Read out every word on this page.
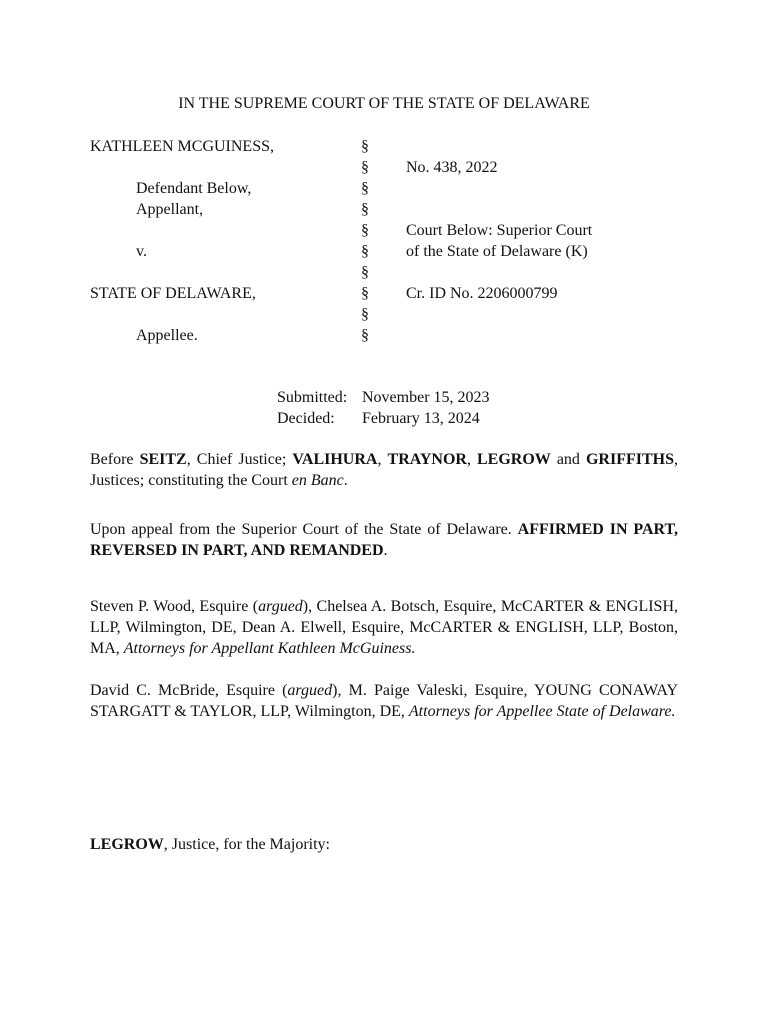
IN THE SUPREME COURT OF THE STATE OF DELAWARE
KATHLEEN MCGUINESS,
Defendant Below,
Appellant,
v.
STATE OF DELAWARE,
Appellee.
§
§
§
§
§
§
§
§
§
§
No. 438, 2022
Court Below: Superior Court
of the State of Delaware (K)
Cr. ID No. 2206000799
Submitted: November 15, 2023
Decided: February 13, 2024
Before SEITZ, Chief Justice; VALIHURA, TRAYNOR, LEGROW and GRIFFITHS, Justices; constituting the Court en Banc.
Upon appeal from the Superior Court of the State of Delaware. AFFIRMED IN PART, REVERSED IN PART, AND REMANDED.
Steven P. Wood, Esquire (argued), Chelsea A. Botsch, Esquire, McCARTER & ENGLISH, LLP, Wilmington, DE, Dean A. Elwell, Esquire, McCARTER & ENGLISH, LLP, Boston, MA, Attorneys for Appellant Kathleen McGuiness.
David C. McBride, Esquire (argued), M. Paige Valeski, Esquire, YOUNG CONAWAY STARGATT & TAYLOR, LLP, Wilmington, DE, Attorneys for Appellee State of Delaware.
LEGROW, Justice, for the Majority:
